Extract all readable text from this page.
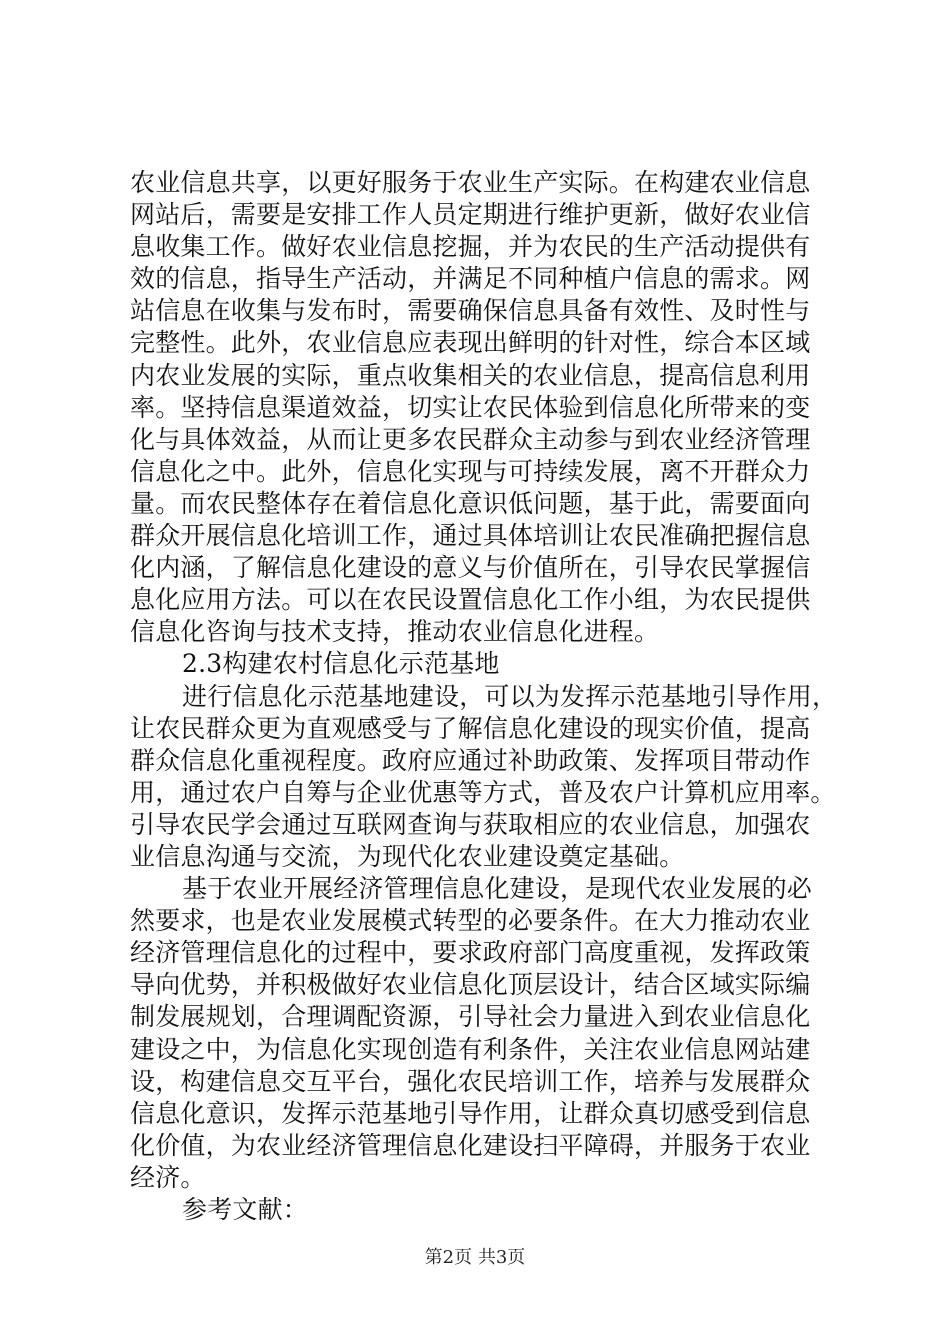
农业信息共享，以更好服务于农业生产实际。在构建农业信息
网站后，需要是安排工作人员定期进行维护更新，做好农业信
息收集工作。做好农业信息挖掘，并为农民的生产活动提供有
效的信息，指导生产活动，并满足不同种植户信息的需求。网
站信息在收集与发布时，需要确保信息具备有效性、及时性与
完整性。此外，农业信息应表现出鲜明的针对性，综合本区域
内农业发展的实际，重点收集相关的农业信息，提高信息利用
率。坚持信息渠道效益，切实让农民体验到信息化所带来的变
化与具体效益，从而让更多农民群众主动参与到农业经济管理
信息化之中。此外，信息化实现与可持续发展，离不开群众力
量。而农民整体存在着信息化意识低问题，基于此，需要面向
群众开展信息化培训工作，通过具体培训让农民准确把握信息
化内涵，了解信息化建设的意义与价值所在，引导农民掌握信
息化应用方法。可以在农民设置信息化工作小组，为农民提供
信息化咨询与技术支持，推动农业信息化进程。
2.3构建农村信息化示范基地
进行信息化示范基地建设，可以为发挥示范基地引导作用，
让农民群众更为直观感受与了解信息化建设的现实价值，提高
群众信息化重视程度。政府应通过补助政策、发挥项目带动作
用，通过农户自筹与企业优惠等方式，普及农户计算机应用率。
引导农民学会通过互联网查询与获取相应的农业信息，加强农
业信息沟通与交流，为现代化农业建设奠定基础。
基于农业开展经济管理信息化建设，是现代农业发展的必
然要求，也是农业发展模式转型的必要条件。在大力推动农业
经济管理信息化的过程中，要求政府部门高度重视，发挥政策
导向优势，并积极做好农业信息化顶层设计，结合区域实际编
制发展规划，合理调配资源，引导社会力量进入到农业信息化
建设之中，为信息化实现创造有利条件，关注农业信息网站建
设，构建信息交互平台，强化农民培训工作，培养与发展群众
信息化意识，发挥示范基地引导作用，让群众真切感受到信息
化价值，为农业经济管理信息化建设扫平障碍，并服务于农业
经济。
参考文献：
第2页 共3页
